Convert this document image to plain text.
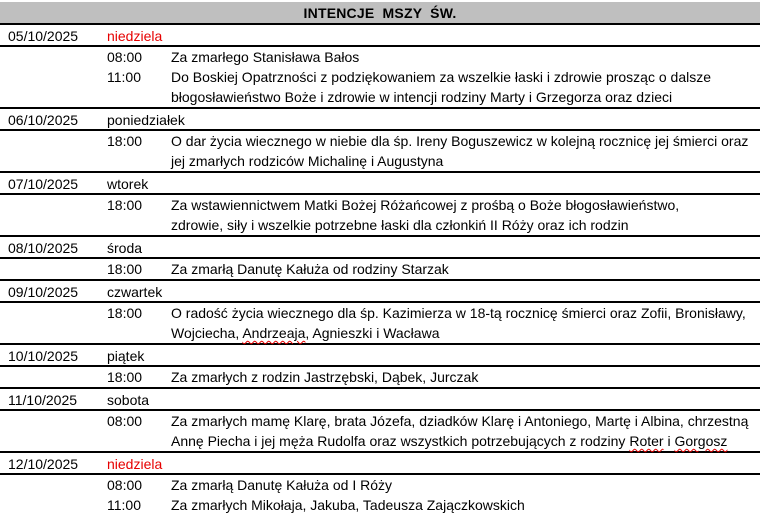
INTENCJE  MSZY  ŚW.		
05/10/2025	niedziela	
	08:00	Za zmarłego Stanisława Bałos
	11:00	Do Boskiej Opatrzności z podziękowaniem za wszelkie łaski i zdrowie prosząc o dalsze błogosławieństwo Boże i zdrowie w intencji rodziny Marty i Grzegorza oraz dzieci
06/10/2025	poniedziałek	
	18:00	O dar życia wiecznego w niebie dla śp. Ireny Boguszewicz w kolejną rocznicę jej śmierci oraz jej zmarłych rodziców Michalinę i Augustyna
07/10/2025	wtorek	
	18:00	Za wstawiennictwem Matki Bożej Różańcowej z prośbą o Boże błogosławieństwo,
zdrowie, siły i wszelkie potrzebne łaski dla członkiń II Róży oraz ich rodzin
08/10/2025	środa	
	18:00	Za zmarłą Danutę Kałuża od rodziny Starzak
09/10/2025	czwartek	
	18:00	O radość życia wiecznego dla śp. Kazimierza w 18-tą rocznicę śmierci oraz Zofii, Bronisławy, Wojciecha, Andrzeaja, Agnieszki i Wacława
10/10/2025	piątek	
	18:00	Za zmarłych z rodzin Jastrzębski, Dąbek, Jurczak
11/10/2025	sobota	
	08:00	Za zmarłych mamę Klarę, brata Józefa, dziadków Klarę i Antoniego, Martę i Albina, chrzestną Annę Piecha i jej męża Rudolfa oraz wszystkich potrzebujących z rodziny Roter i Gorgosz
12/10/2025	niedziela	
	08:00	Za zmarłą Danutę Kałuża od I Róży
	11:00	Za zmarłych Mikołaja, Jakuba, Tadeusza Zajączkowskich
